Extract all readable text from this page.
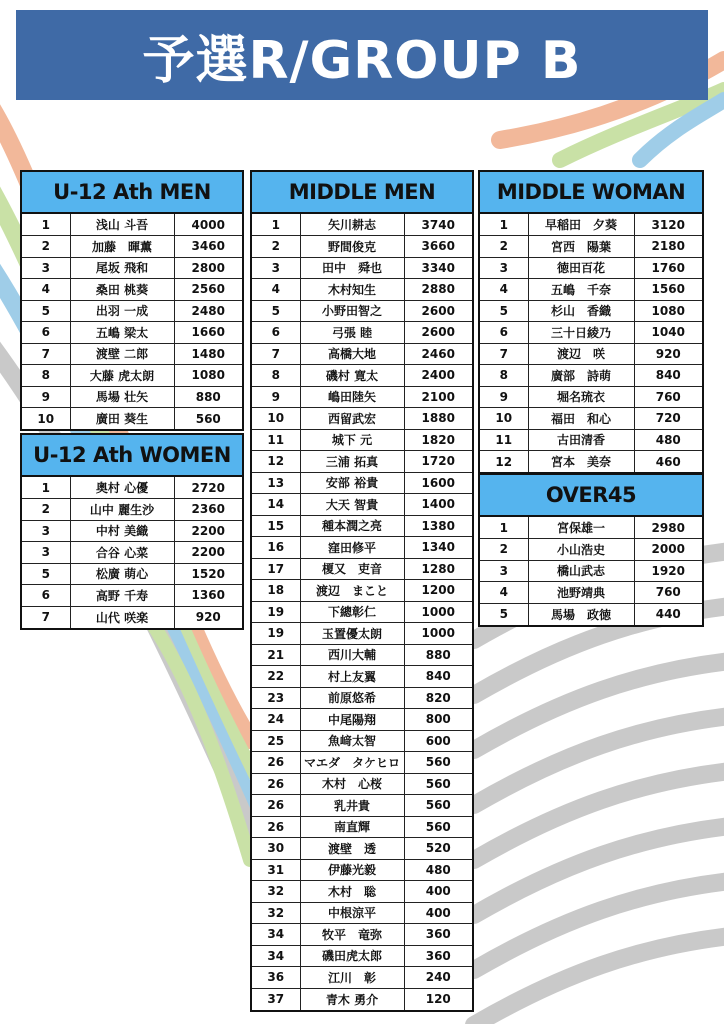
予選R/GROUP B
U-12 Ath MEN
1	浅山 斗吾	4000
2	加藤　暉薫	3460
3	尾坂 飛和	2800
4	桑田 桃葵	2560
5	出羽 一成	2480
6	五嶋 梁太	1660
7	渡壁 二郎	1480
8	大藤 虎太朗	1080
9	馬場 壮矢	880
10	廣田 葵生	560
U-12 Ath WOMEN
1	奥村 心優	2720
2	山中 麗生沙	2360
3	中村 美織	2200
3	合谷 心菜	2200
5	松廣 萌心	1520
6	高野 千寿	1360
7	山代 咲楽	920
MIDDLE MEN
1	矢川耕志	3740
2	野間俊克	3660
3	田中　舜也	3340
4	木村知生	2880
5	小野田智之	2600
6	弓張 睦	2600
7	高橋大地	2460
8	磯村 寛太	2400
9	嶋田陸矢	2100
10	西留武宏	1880
11	城下 元	1820
12	三浦 拓真	1720
13	安部 裕貴	1600
14	大天 智貴	1400
15	種本潤之亮	1380
16	窪田修平	1340
17	榎又　吏音	1280
18	渡辺　まこと	1200
19	下總彰仁	1000
19	玉置優太朗	1000
21	西川大輔	880
22	村上友翼	840
23	前原悠希	820
24	中尾陽翔	800
25	魚﨑太智	600
26	マエダ　タケヒロ	560
26	木村　心桜	560
26	乳井貴	560
26	南直輝	560
30	渡壁　透	520
31	伊藤光毅	480
32	木村　聡	400
32	中根涼平	400
34	牧平　竜弥	360
34	磯田虎太郎	360
36	江川　彰	240
37	青木 勇介	120
MIDDLE WOMAN
1	早稲田　夕葵	3120
2	宮西　陽葉	2180
3	徳田百花	1760
4	五嶋　千奈	1560
5	杉山　香織	1080
6	三十日綾乃	1040
7	渡辺　咲	920
8	廣部　詩萌	840
9	堀名琉衣	760
10	福田　和心	720
11	古田清香	480
12	宮本　美奈	460
OVER45
1	宮保雄一	2980
2	小山浩史	2000
3	橋山武志	1920
4	池野靖典	760
5	馬場　政徳	440
